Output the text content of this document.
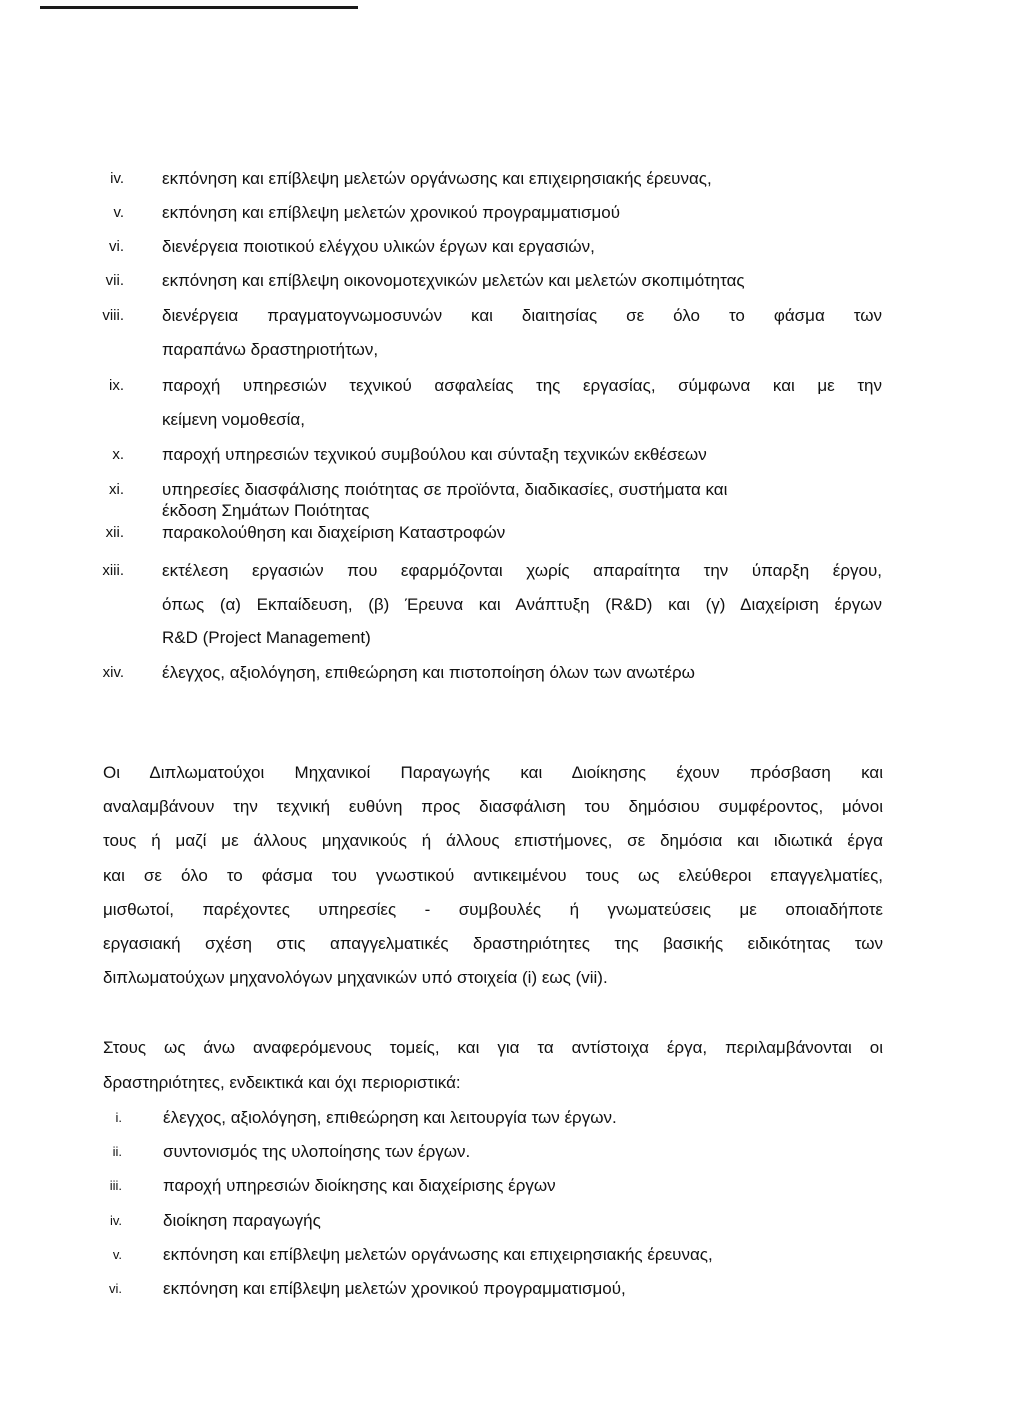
iv. εκπόνηση και επίβλεψη μελετών οργάνωσης και επιχειρησιακής έρευνας,
v. εκπόνηση και επίβλεψη μελετών χρονικού προγραμματισμού
vi. διενέργεια ποιοτικού ελέγχου υλικών έργων και εργασιών,
vii. εκπόνηση και επίβλεψη οικονομοτεχνικών μελετών και μελετών σκοπιμότητας
viii. διενέργεια πραγματογνωμοσυνών και διαιτησίας σε όλο το φάσμα των
παραπάνω δραστηριοτήτων,
ix. παροχή υπηρεσιών τεχνικού ασφαλείας της εργασίας, σύμφωνα και με την
κείμενη νομοθεσία,
x. παροχή υπηρεσιών τεχνικού συμβούλου και σύνταξη τεχνικών εκθέσεων
xi. υπηρεσίες διασφάλισης ποιότητας σε προϊόντα, διαδικασίες, συστήματα και
έκδοση Σημάτων Ποιότητας
xii. παρακολούθηση και διαχείριση Καταστροφών
xiii. εκτέλεση εργασιών που εφαρμόζονται χωρίς απαραίτητα την ύπαρξη έργου,
όπως (α) Εκπαίδευση, (β) Έρευνα και Ανάπτυξη (R&D) και (γ) Διαχείριση έργων
R&D (Project Management)
xiv. έλεγχος, αξιολόγηση, επιθεώρηση και πιστοποίηση όλων των ανωτέρω
Οι Διπλωματούχοι Μηχανικοί Παραγωγής και Διοίκησης έχουν πρόσβαση και
αναλαμβάνουν την τεχνική ευθύνη προς διασφάλιση του δημόσιου συμφέροντος, μόνοι
τους ή μαζί με άλλους μηχανικούς ή άλλους επιστήμονες, σε δημόσια και ιδιωτικά έργα
και σε όλο το φάσμα του γνωστικού αντικειμένου τους ως ελεύθεροι επαγγελματίες,
μισθωτοί, παρέχοντες υπηρεσίες - συμβουλές ή γνωματεύσεις με οποιαδήποτε
εργασιακή σχέση στις απαγγελματικές δραστηριότητες της βασικής ειδικότητας των
διπλωματούχων μηχανολόγων μηχανικών υπό στοιχεία (i) εως (vii).
Στους ως άνω αναφερόμενους τομείς, και για τα αντίστοιχα έργα, περιλαμβάνονται οι
δραστηριότητες, ενδεικτικά και όχι περιοριστικά:
i. έλεγχος, αξιολόγηση, επιθεώρηση και λειτουργία των έργων.
ii. συντονισμός της υλοποίησης των έργων.
iii. παροχή υπηρεσιών διοίκησης και διαχείρισης έργων
iv. διοίκηση παραγωγής
v. εκπόνηση και επίβλεψη μελετών οργάνωσης και επιχειρησιακής έρευνας,
vi. εκπόνηση και επίβλεψη μελετών χρονικού προγραμματισμού,
